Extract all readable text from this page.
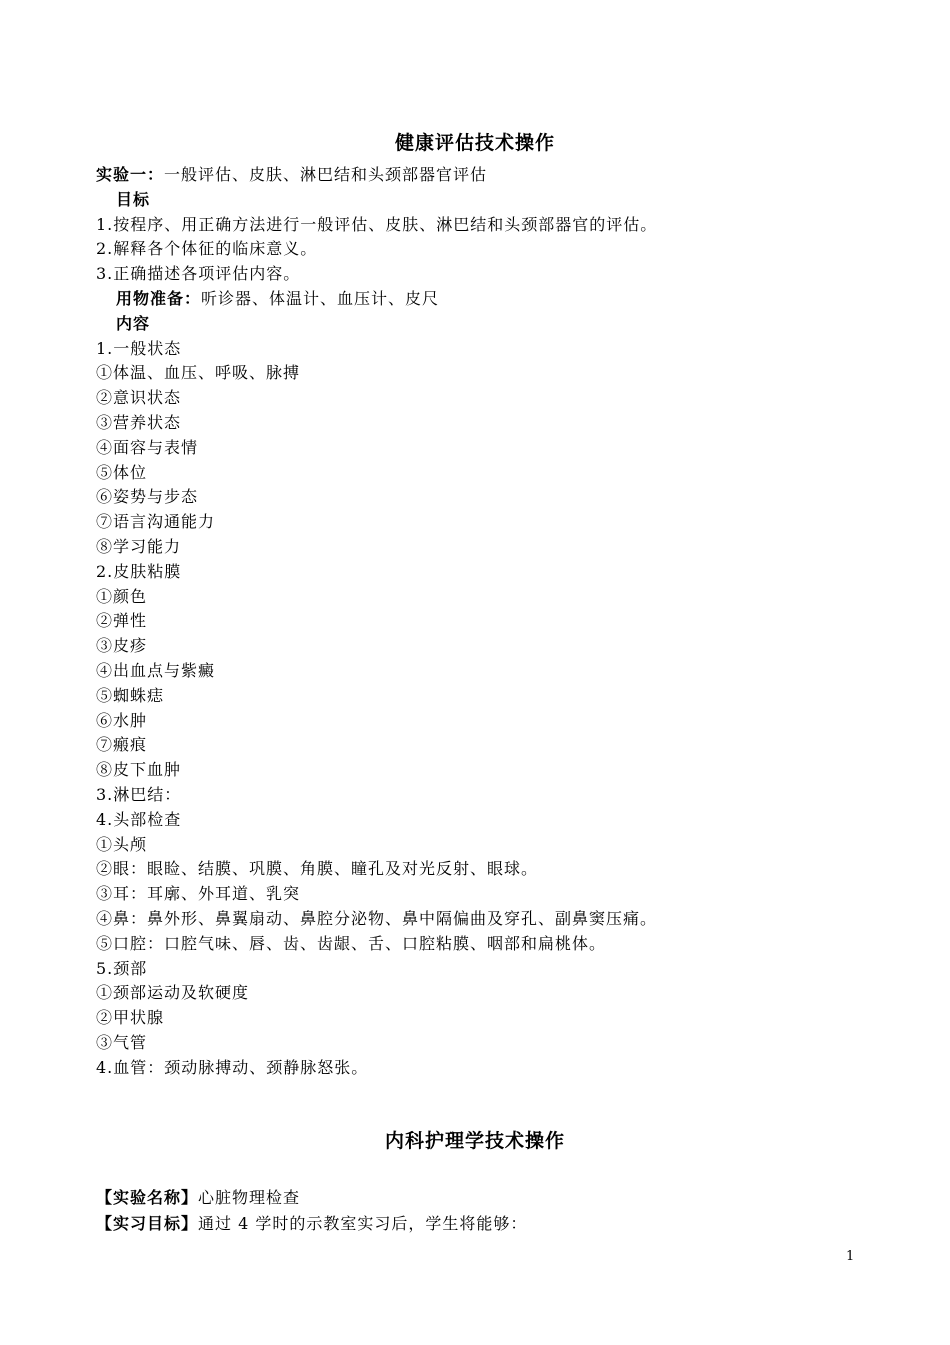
健康评估技术操作
实验一：一般评估、皮肤、淋巴结和头颈部器官评估
目标
1.按程序、用正确方法进行一般评估、皮肤、淋巴结和头颈部器官的评估。
2.解释各个体征的临床意义。
3.正确描述各项评估内容。
用物准备：听诊器、体温计、血压计、皮尺
内容
1.一般状态
①体温、血压、呼吸、脉搏
②意识状态
③营养状态
④面容与表情
⑤体位
⑥姿势与步态
⑦语言沟通能力
⑧学习能力
2.皮肤粘膜
①颜色
②弹性
③皮疹
④出血点与紫癜
⑤蜘蛛痣
⑥水肿
⑦瘢痕
⑧皮下血肿
3.淋巴结：
4.头部检查
①头颅
②眼：眼睑、结膜、巩膜、角膜、瞳孔及对光反射、眼球。
③耳：耳廓、外耳道、乳突
④鼻：鼻外形、鼻翼扇动、鼻腔分泌物、鼻中隔偏曲及穿孔、副鼻窦压痛。
⑤口腔：口腔气味、唇、齿、齿龈、舌、口腔粘膜、咽部和扁桃体。
5.颈部
①颈部运动及软硬度
②甲状腺
③气管
4.血管：颈动脉搏动、颈静脉怒张。
内科护理学技术操作
【实验名称】心脏物理检查
【实习目标】通过 4 学时的示教室实习后，学生将能够：
1
